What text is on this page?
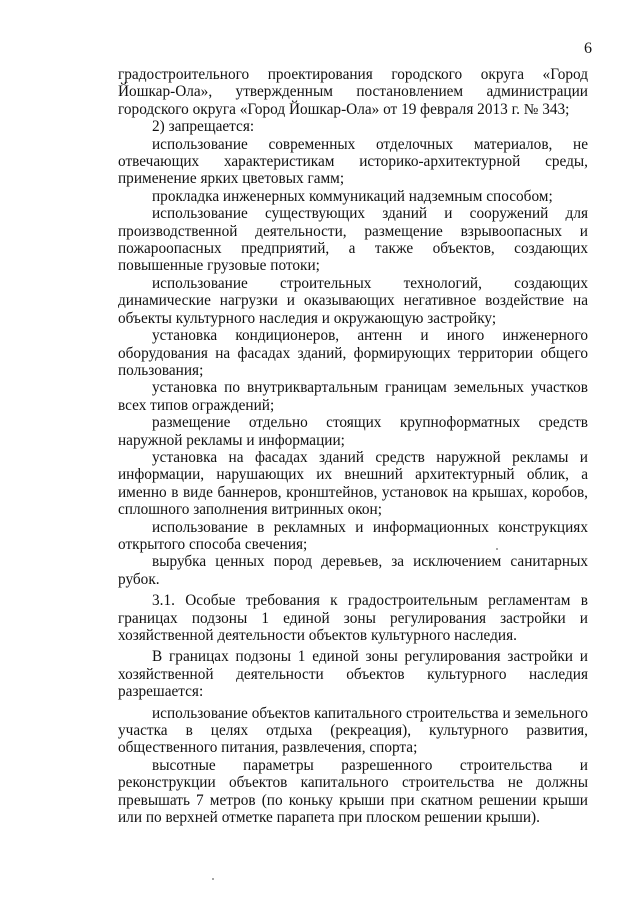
6

градостроительного проектирования городского округа «Город Йошкар-Ола», утвержденным постановлением администрации городского округа «Город Йошкар-Ола» от 19 февраля 2013 г. № 343;

2) запрещается:

использование современных отделочных материалов, не отвечающих характеристикам историко-архитектурной среды, применение ярких цветовых гамм;

прокладка инженерных коммуникаций надземным способом;

использование существующих зданий и сооружений для производственной деятельности, размещение взрывоопасных и пожароопасных предприятий, а также объектов, создающих повышенные грузовые потоки;

использование строительных технологий, создающих динамические нагрузки и оказывающих негативное воздействие на объекты культурного наследия и окружающую застройку;

установка кондиционеров, антенн и иного инженерного оборудования на фасадах зданий, формирующих территории общего пользования;

установка по внутриквартальным границам земельных участков всех типов ограждений;

размещение отдельно стоящих крупноформатных средств наружной рекламы и информации;

установка на фасадах зданий средств наружной рекламы и информации, нарушающих их внешний архитектурный облик, а именно в виде баннеров, кронштейнов, установок на крышах, коробов, сплошного заполнения витринных окон;

использование в рекламных и информационных конструкциях открытого способа свечения;

вырубка ценных пород деревьев, за исключением санитарных рубок.

3.1. Особые требования к градостроительным регламентам в границах подзоны 1 единой зоны регулирования застройки и хозяйственной деятельности объектов культурного наследия.

В границах подзоны 1 единой зоны регулирования застройки и хозяйственной деятельности объектов культурного наследия разрешается:

использование объектов капитального строительства и земельного участка в целях отдыха (рекреация), культурного развития, общественного питания, развлечения, спорта;

высотные параметры разрешенного строительства и реконструкции объектов капитального строительства не должны превышать 7 метров (по коньку крыши при скатном решении крыши или по верхней отметке парапета при плоском решении крыши).
